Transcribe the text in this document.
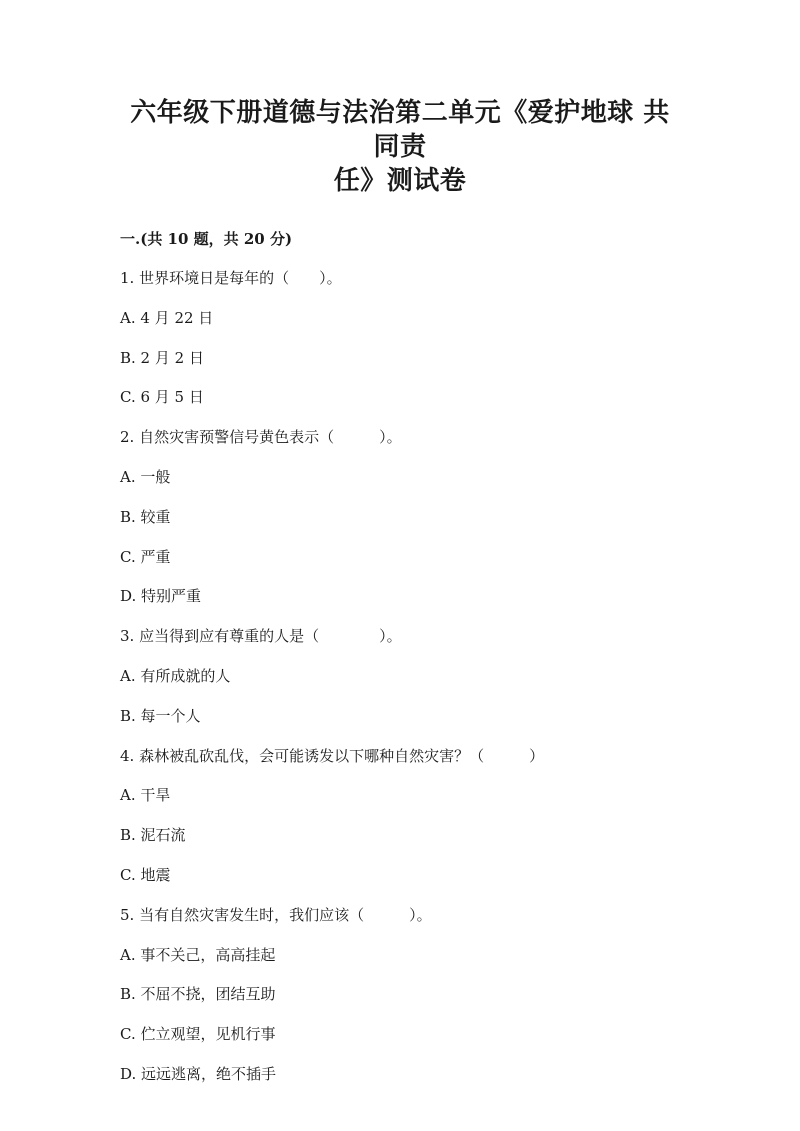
六年级下册道德与法治第二单元《爱护地球 共同责
任》测试卷
一.(共 10 题，共 20 分)
1. 世界环境日是每年的（　　）。
A. 4 月 22 日
B. 2 月 2 日
C. 6 月 5 日
2. 自然灾害预警信号黄色表示（　　　）。
A. 一般
B. 较重
C. 严重
D. 特别严重
3. 应当得到应有尊重的人是（　　　　）。
A. 有所成就的人
B. 每一个人
4. 森林被乱砍乱伐，会可能诱发以下哪种自然灾害？（　　　）
A. 干旱
B. 泥石流
C. 地震
5. 当有自然灾害发生时，我们应该（　　　）。
A. 事不关己，高高挂起
B. 不屈不挠，团结互助
C. 伫立观望，见机行事
D. 远远逃离，绝不插手
